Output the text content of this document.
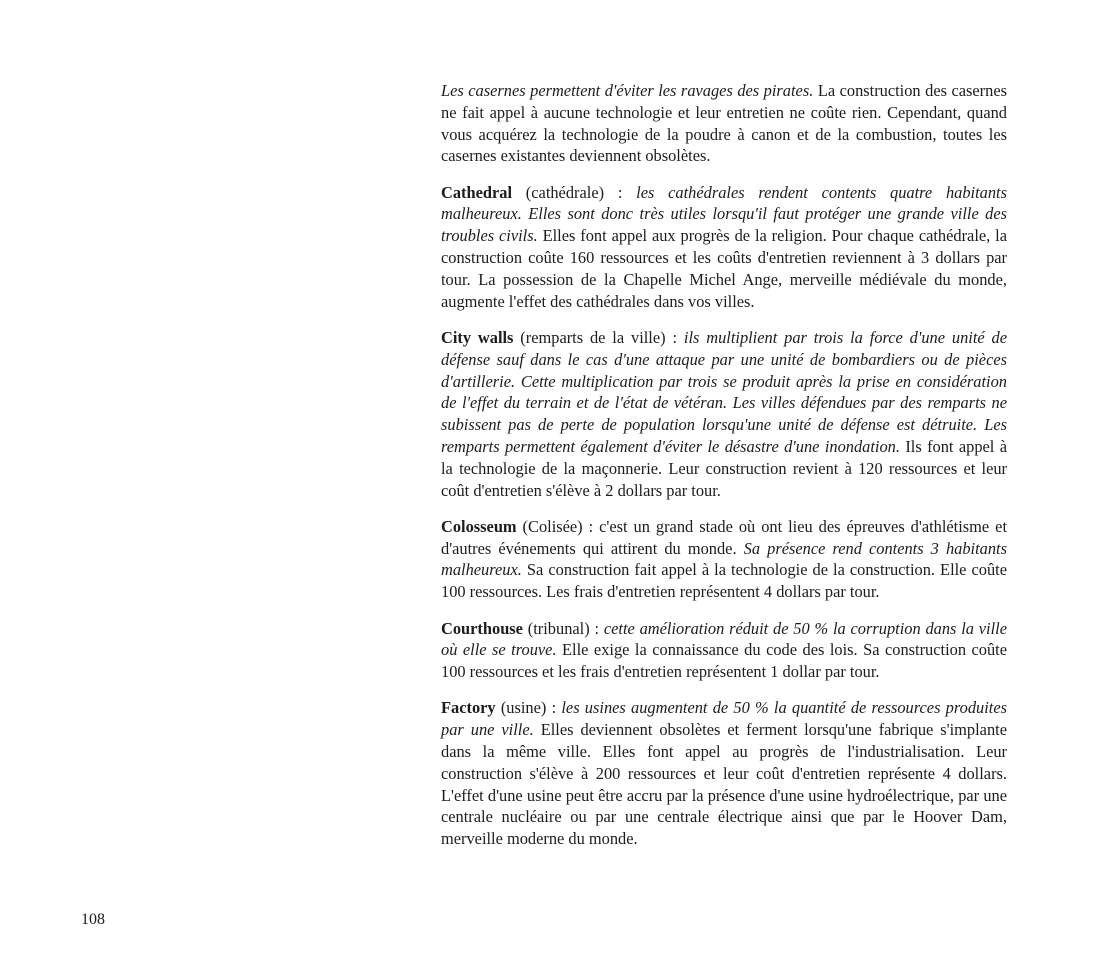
Les casernes permettent d'éviter les ravages des pirates. La construction des casernes ne fait appel à aucune technologie et leur entretien ne coûte rien. Cependant, quand vous acquérez la technologie de la poudre à canon et de la combustion, toutes les casernes existantes deviennent obsolètes.

Cathedral (cathédrale) : les cathédrales rendent contents quatre habitants malheureux. Elles sont donc très utiles lorsqu'il faut protéger une grande ville des troubles civils. Elles font appel aux progrès de la religion. Pour chaque cathédrale, la construction coûte 160 ressources et les coûts d'entretien reviennent à 3 dollars par tour. La possession de la Chapelle Michel Ange, merveille médiévale du monde, augmente l'effet des cathédrales dans vos villes.

City walls (remparts de la ville) : ils multiplient par trois la force d'une unité de défense sauf dans le cas d'une attaque par une unité de bombardiers ou de pièces d'artillerie. Cette multiplication par trois se produit après la prise en considération de l'effet du terrain et de l'état de vétéran. Les villes défendues par des remparts ne subissent pas de perte de population lorsqu'une unité de défense est détruite. Les remparts permettent également d'éviter le désastre d'une inondation. Ils font appel à la technologie de la maçonnerie. Leur construction revient à 120 ressources et leur coût d'entretien s'élève à 2 dollars par tour.

Colosseum (Colisée) : c'est un grand stade où ont lieu des épreuves d'athlétisme et d'autres événements qui attirent du monde. Sa présence rend contents 3 habitants malheureux. Sa construction fait appel à la technologie de la construction. Elle coûte 100 ressources. Les frais d'entretien représentent 4 dollars par tour.

Courthouse (tribunal) : cette amélioration réduit de 50 % la corruption dans la ville où elle se trouve. Elle exige la connaissance du code des lois. Sa construction coûte 100 ressources et les frais d'entretien représentent 1 dollar par tour.

Factory (usine) : les usines augmentent de 50 % la quantité de ressources produites par une ville. Elles deviennent obsolètes et ferment lorsqu'une fabrique s'implante dans la même ville. Elles font appel au progrès de l'industrialisation. Leur construction s'élève à 200 ressources et leur coût d'entretien représente 4 dollars. L'effet d'une usine peut être accru par la présence d'une usine hydroélectrique, par une centrale nucléaire ou par une centrale électrique ainsi que par le Hoover Dam, merveille moderne du monde.

108
